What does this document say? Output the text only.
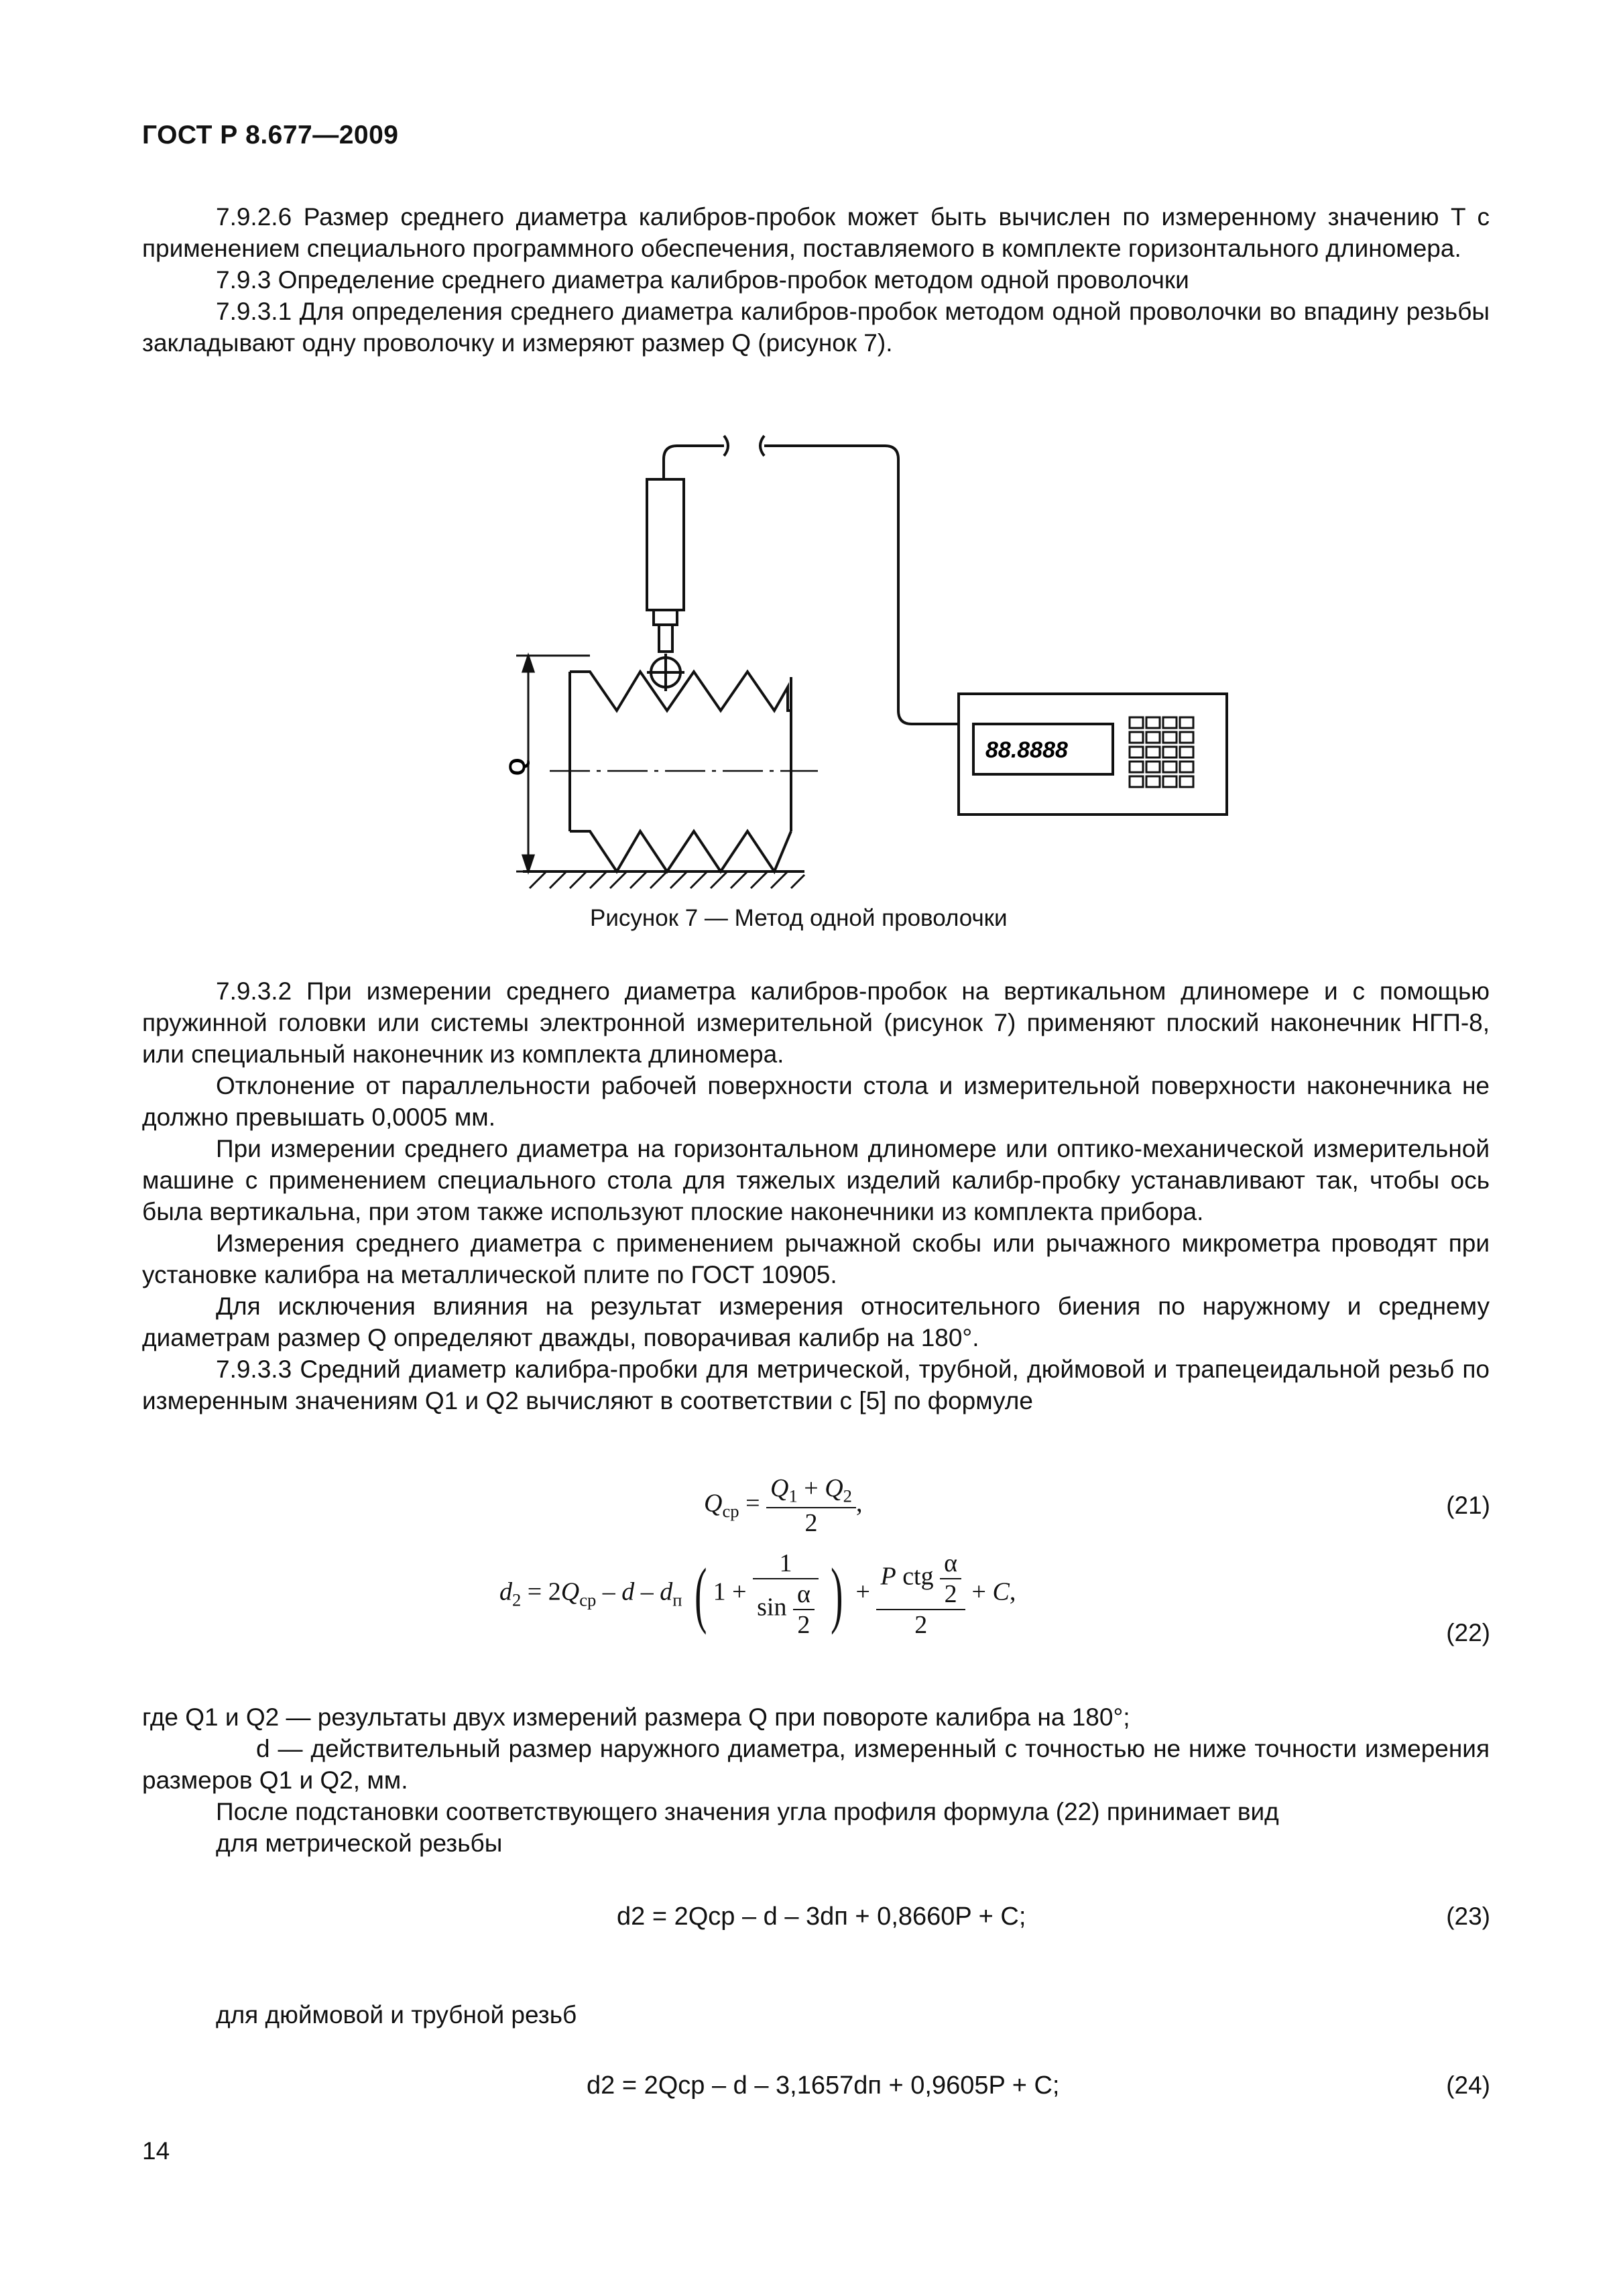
ГОСТ Р 8.677—2009

7.9.2.6 Размер среднего диаметра калибров-пробок может быть вычислен по измеренному значению T с применением специального программного обеспечения, поставляемого в комплекте горизонтального длиномера.

7.9.3 Определение среднего диаметра калибров-пробок методом одной проволочки

7.9.3.1 Для определения среднего диаметра калибров-пробок методом одной проволочки во впадину резьбы закладывают одну проволочку и измеряют размер Q (рисунок 7).

Q
88.8888
Рисунок 7 — Метод одной проволочки

7.9.3.2 При измерении среднего диаметра калибров-пробок на вертикальном длиномере и с помощью пружинной головки или системы электронной измерительной (рисунок 7) применяют плоский наконечник НГП-8, или специальный наконечник из комплекта длиномера.

Отклонение от параллельности рабочей поверхности стола и измерительной поверхности наконечника не должно превышать 0,0005 мм.

При измерении среднего диаметра на горизонтальном длиномере или оптико-механической измерительной машине с применением специального стола для тяжелых изделий калибр-пробку устанавливают так, чтобы ось была вертикальна, при этом также используют плоские наконечники из комплекта прибора.

Измерения среднего диаметра с применением рычажной скобы или рычажного микрометра проводят при установке калибра на металлической плите по ГОСТ 10905.

Для исключения влияния на результат измерения относительного биения по наружному и среднему диаметрам размер Q определяют дважды, поворачивая калибр на 180°.

7.9.3.3 Средний диаметр калибра-пробки для метрической, трубной, дюймовой и трапецеидальной резьб по измеренным значениям Q1 и Q2 вычисляют в соответствии с [5] по формуле

$Q_{ср} = \frac{Q_1 + Q_2}{2}$ ,	(21)
$d_2 = 2Q_{ср} - d - d_п$ ( $1 + \frac{1}{\sin \frac{\alpha}{2}}$ ) + $\frac{P ctg \frac{\alpha}{2}}{2} + C$,
(22)

где Q1 и Q2 — результаты двух измерений размера Q при повороте калибра на 180°;

d — действительный размер наружного диаметра, измеренный с точностью не ниже точности измерения размеров Q1 и Q2, мм.

После подстановки соответствующего значения угла профиля формула (22) принимает вид

для метрической резьбы

d2 = 2Qср – d – 3dп + 0,8660P + C;	(23)

для дюймовой и трубной резьб

d2 = 2Qср – d – 3,1657dп + 0,9605P + C;	(24)
14
